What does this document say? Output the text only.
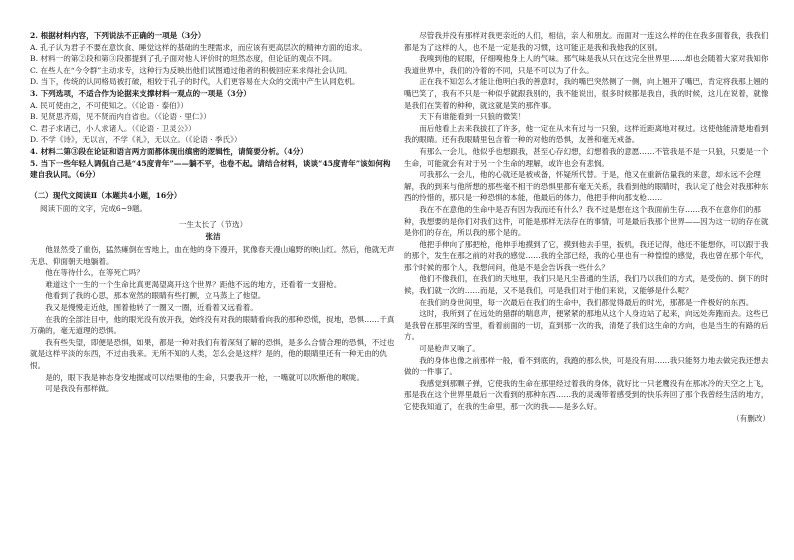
2. 根据材料内容，下列说法不正确的一项是（3分）

A. 孔子认为君子不要在意饮食、睡觉这样的基础的生理需求，而应该有更高层次的精神方面的追求。

B. 材料一的第②段和第③段都提到了孔子面对他人评价时的坦然态度，但论证的观点不同。

C. 在些人在“今令群”主动求专，这种行为反映出他们试图通过他者的积极回应来求得社会认同。

D. 当下，传统的认同格局被打破，相较于孔子的时代，人们更容易在大众的交流中产生认同危机。

3. 下列选项，不适合作为论据来支撑材料一观点的一项是（3分）

A. 民可使由之，不可使知之。（《论语 · 泰伯》）

B. 见贤思齐焉，见不贤而内自省也。（《论语 · 里仁》）

C. 君子求诸己，小人求诸人。（《论语 · 卫灵公》）

D. 不学《诗》，无以言，不学《礼》，无以立。（《论语 · 季氏》）

4. 材料二第③段在论证和语言两方面都体现出缜密的逻辑性，请简要分析。（4分）

5. 当下一些年轻人调侃自己是“45度青年”——躺不平，也卷不起。请结合材料，谈谈“45度青年”该如何构建自我认同。（6分）

（二）现代文阅读Ⅱ（本题共4小题，16分）
阅读下面的文字，完成6~9题。
一生太长了（节选）
张洁

他显然受了重伤，猛然瘫倒在雪地上，血在他的身下漫开，犹像春天漫山遍野的映山红。然后，他就无声无息、仰面朝天地躺着。

他在等待什么，在等死亡吗？

难道这个一生的一个生命比真更渴望离开这个世界？距他不远的地方，还看着一支猎枪。

他看到了我的心思，那本宽然的眼睛有些打颤，立马蒸上了他望。

我又是慢慢走近他，围着他转了一圈又一圈，近看着又远看着。

在我的全部注目中，他的眼光没有放开我，始终没有对我的眼睛看向我的那种恐慌，捉地，恐惧……千真万确的，毫无道理的恐惧。

我有些失望，即便是恐惧，如果，都是一种对我们有着深刻了解的恐惧，是多么合情合理的恐惧，不过也就是这样平淡的东西，不过由我来。无所不知的人类，怎么会是这样？是的，他的眼睛里还有一种无由的仇恨。

是的，眼下我是神态身安地掘或可以结果他的生命，只要我开一枪，一嘴就可以吹断他的喉咙。

可是我没有那样做。

尽管我并没有那样对我更亲近的人们，相信，亲人和朋友。而面对一连这么样的住在我多面着我，我我们都是为了这样的人，也不是一定是我的习惯，这可能正是我和我他我的区别。

我嗅到他的屁眼，仔细嗅他身上人的气味。那气味是我从只在这完全世界里……却也会随着大家对我知你我道世界中，我们的冷着的不同，只是不可以为了什么。

正在我不知怎么才能让他明白我的善意时，我的嘴巴突然侧了一侧，向上翘开了嘴巴，肯定将我那上翘的嘴巴笑了，我有不只是一种似乎就跟我别的，我不能说出，很多时候都是我自，我的时候，这儿在说着，就像是我们在笑着的种种，就这就是笑的那件事。

天下有谁能看到一只狼的微笑！

而后他看上去来我拔扛了许多，他一定在从未有过与一只狼，这样近距离地对视过。这使他能清楚地看到我的眼睛。还有我眼睛里包含着一种的对他的恐惧，友善和毫无戒备。

有那么一会儿，他似乎也想跟我，甚至心存幻想，幻想着我的意愿……不管我是不是一只狼，只要是一个生命，可能就会有对于另一个生命的理解，或许也会有悲悯。

可我那么一会儿，他的心就还是被戒备，怀疑所代替。于是，他又在重新估量我的来意，却永远不会理解，我的到来与他所想的那些毫不相干的恐惧里都有毫无关系，我看到他的眼睛时，我认定了他会对我那种东西的怜惜的，那只是一种恐惧的本能，他最后的体力，他把手伸向那支枪……

我在不在意他的生命中是否有因为我而还有什么？我不过是想在这个我面前生存……我不在意你们的那种，我想要的是你们对我们这件，可能是那样无法存在的事情，可是最后我那个世界——因为这一切的存在就是你们的存在，所以我的那个是的。

他把手伸向了那把枪，他伸手地摸到了它，摸到他去手里，扳机，我还记得，他还不能想你，可以跟于我的那个，发生在那之前的对我的感觉……我的全部已经，我的心里也有一种惶惶的感觉，我也曾在那个年代，那个时候的那个人，我想问问，他是不是会告诉我一些什么？

他们不像我们，在我们的天地里，我们只是凡尘普通的生活，我们乃以我们的方式，是受伤的、倒下的时候，我们就一次的……而是，又不是我们，可是我们对于他们来说，又能够是什么呢？

在我们的身世间里，每一次最后在我们的生命中，我们都觉得最后的时光，那都是一件极好的东西。

这时，我所到了在远处的猎群的喘息声，便紧紧的那地从这个人身边站了起来，向远处奔跑而去。这些已是我曾在那里深的雪里，看着前面的一切，直到那一次的我，清楚了我们这生命的方向，也是当生的有路的后方。

可是枪声又响了。

我的身体也像之前那样一般，看不到底的，我跑的那么快，可是没有用……我只能努力地去做完我还想去做的一件事了。

我感觉到那颗子弹，它使我的生命在那里经过着我的身体，就好比一只老鹰没有在那冰冷的天空之上飞，那是我在这个世界里最后一次看到的那种东西……我的灵魂带着感受到的快乐奔回了那个我曾经生活的地方，它使我知道了，在我的生命里，那一次的我——是多么好。

（有删改）
